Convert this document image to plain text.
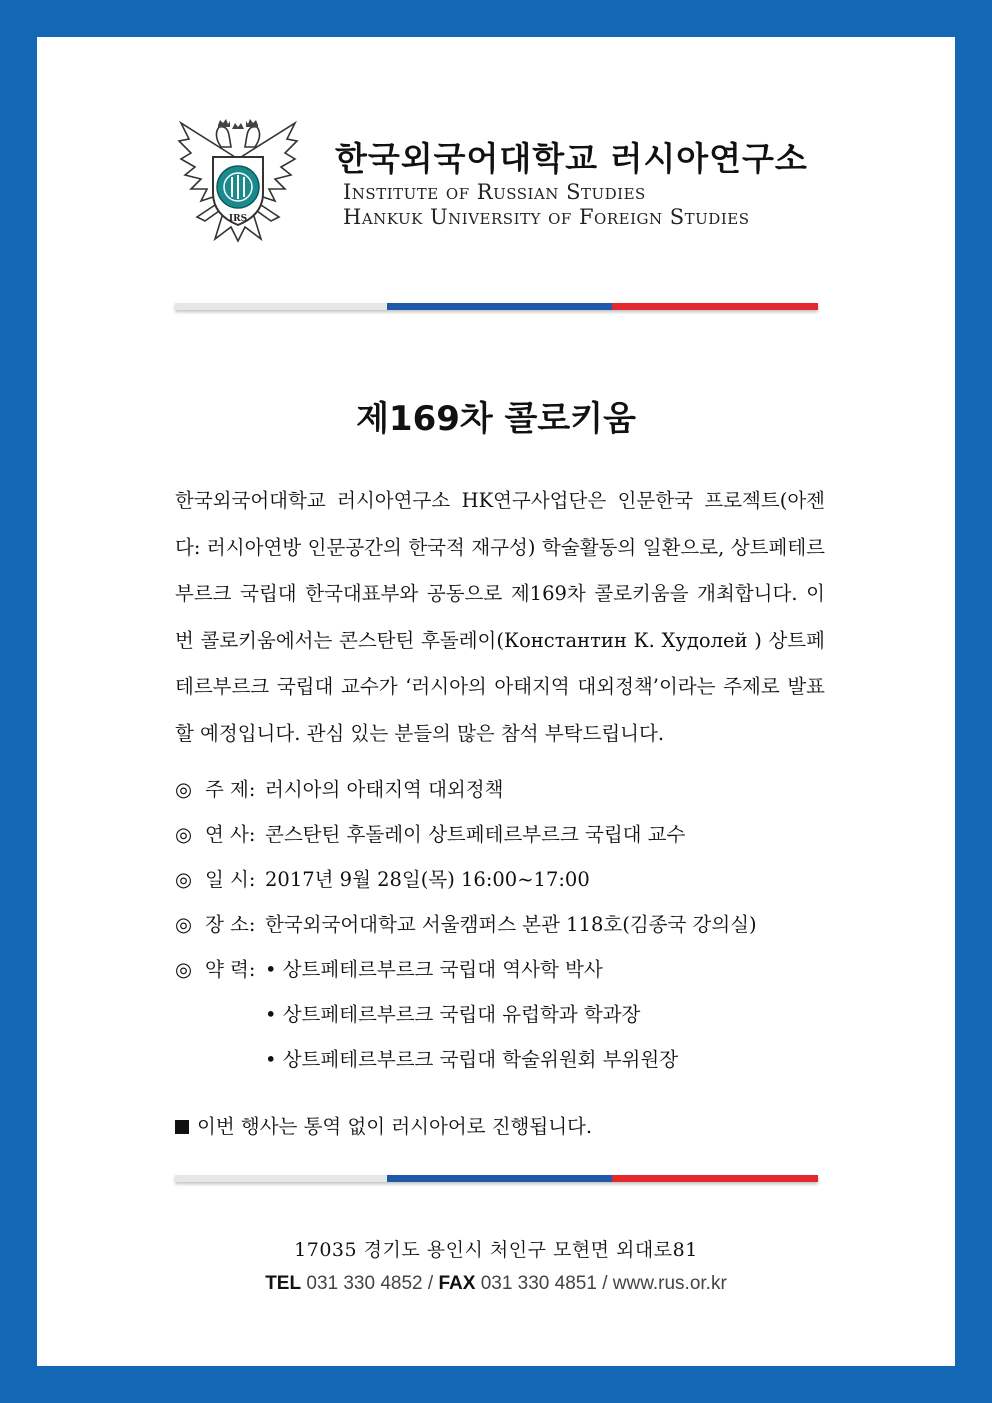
IRS
한국외국어대학교 러시아연구소
Institute of Russian Studies
Hankuk University of Foreign Studies
제169차 콜로키움
한국외국어대학교 러시아연구소 HK연구사업단은 인문한국 프로젝트(아젠다: 러시아연방 인문공간의 한국적 재구성) 학술활동의 일환으로, 상트페테르부르크 국립대 한국대표부와 공동으로 제169차 콜로키움을 개최합니다. 이번 콜로키움에서는 콘스탄틴 후돌레이(Константин К. Худолей ) 상트페테르부르크 국립대 교수가 ‘러시아의 아태지역 대외정책’이라는 주제로 발표할 예정입니다. 관심 있는 분들의 많은 참석 부탁드립니다.
◎ 주 제: 러시아의 아태지역 대외정책
◎ 연 사: 콘스탄틴 후돌레이 상트페테르부르크 국립대 교수
◎ 일 시: 2017년 9월 28일(목) 16:00~17:00
◎ 장 소: 한국외국어대학교 서울캠퍼스 본관 118호(김종국 강의실)
◎ 약 력: • 상트페테르부르크 국립대 역사학 박사
• 상트페테르부르크 국립대 유럽학과 학과장
• 상트페테르부르크 국립대 학술위원회 부위원장
이번 행사는 통역 없이 러시아어로 진행됩니다.
17035 경기도 용인시 처인구 모현면 외대로81
TEL 031 330 4852 / FAX 031 330 4851 / www.rus.or.kr
